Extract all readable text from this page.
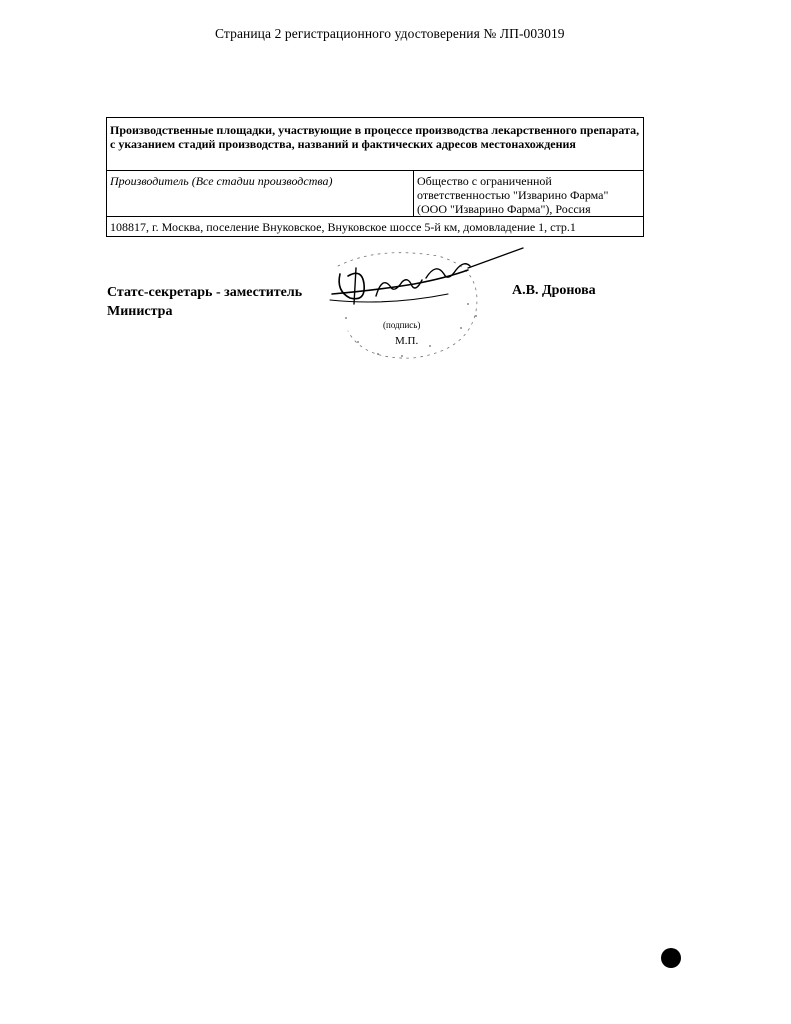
Страница 2 регистрационного удостоверения № ЛП-003019
Производственные площадки, участвующие в процессе производства лекарственного препарата, с указанием стадий производства, названий и фактических адресов местонахождения
Производитель (Все стадии производства)	Общество с ограниченной
ответственностью "Изварино Фарма"
(ООО "Изварино Фарма"), Россия

108817, г. Москва, поселение Внуковское, Внуковское шоссе 5-й км, домовладение 1, стр.1
Статс-секретарь - заместитель
Министра
(подпись)
М.П.
А.В. Дронова
